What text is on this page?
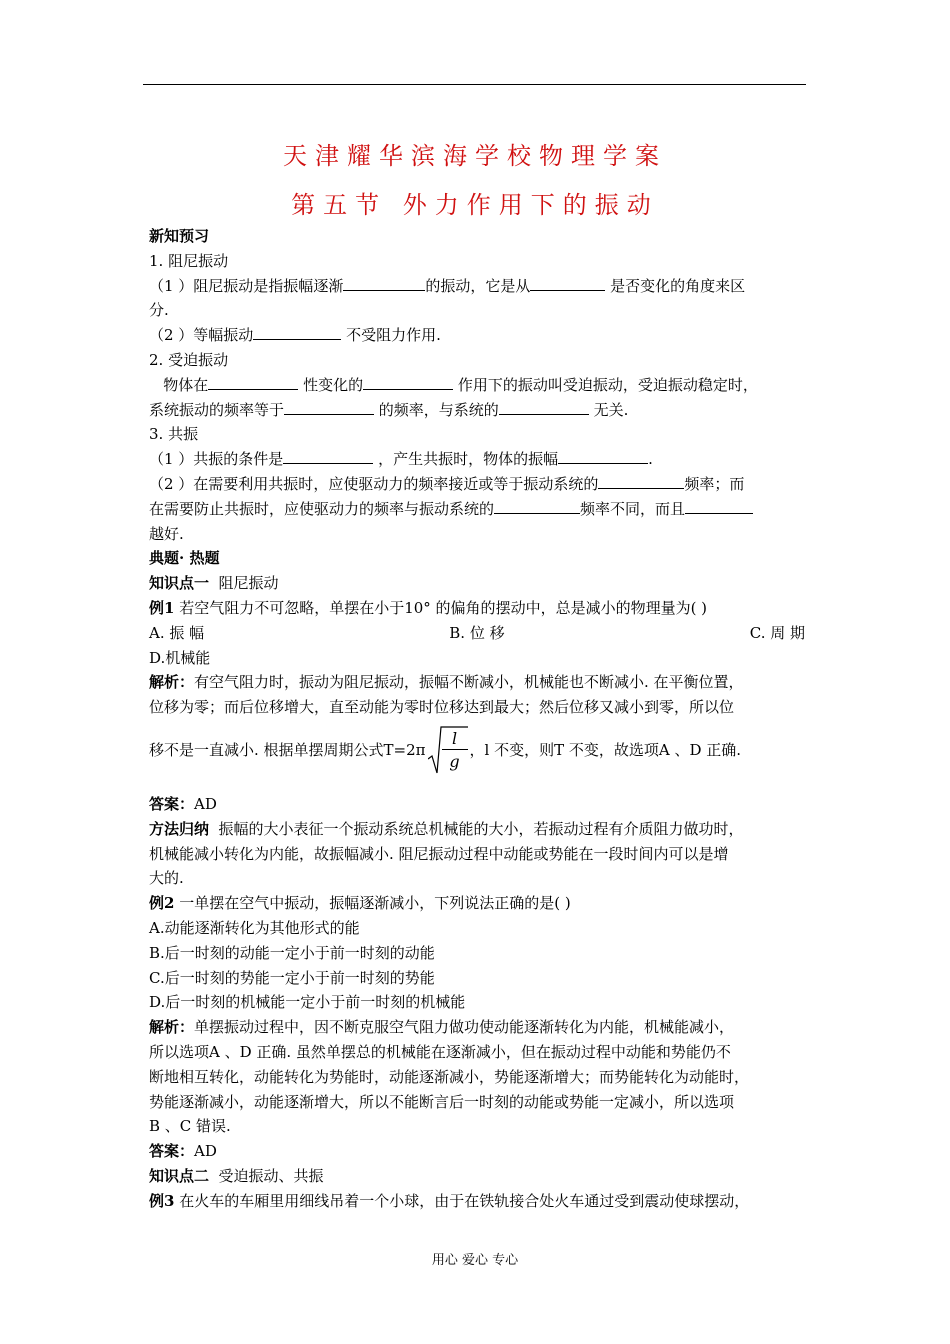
天津耀华滨海学校物理学案
第五节 外力作用下的振动

新知预习

1. 阻尼振动

（1 ）阻尼振动是指振幅逐渐	的振动，它是从	是否变化的角度来区

分.

（2 ）等幅振动	不受阻力作用.

2. 受迫振动

物体在	性变化的	作用下的振动叫受迫振动，受迫振动稳定时，

系统振动的频率等于	的频率，与系统的	无关.

3. 共振

（1 ）共振的条件是	，产生共振时，物体的振幅	.

（2 ）在需要利用共振时，应使驱动力的频率接近或等于振动系统的	频率；而

在需要防止共振时，应使驱动力的频率与振动系统的	频率不同，而且

越好.

典题· 热题

知识点一  阻尼振动

例1 若空气阻力不可忽略，单摆在小于10° 的偏角的摆动中，总是减小的物理量为( )

A. 振 幅	B. 位 移	C. 周 期

D.机械能

解析：有空气阻力时，振动为阻尼振动，振幅不断减小，机械能也不断减小. 在平衡位置，

位移为零；而后位移增大，直至动能为零时位移达到最大；然后位移又减小到零，所以位

移不是一直减小. 根据单摆周期公式$T=2\pi \frac{l}{g}$ ，l 不变，则T 不变，故选项A 、D 正确.

答案：AD

方法归纳  振幅的大小表征一个振动系统总机械能的大小，若振动过程有介质阻力做功时，

机械能减小转化为内能，故振幅减小. 阻尼振动过程中动能或势能在一段时间内可以是增

大的.

例2 一单摆在空气中振动，振幅逐渐减小，下列说法正确的是( )

A.动能逐渐转化为其他形式的能

B.后一时刻的动能一定小于前一时刻的动能

C.后一时刻的势能一定小于前一时刻的势能

D.后一时刻的机械能一定小于前一时刻的机械能

解析：单摆振动过程中，因不断克服空气阻力做功使动能逐渐转化为内能，机械能减小，

所以选项A 、D 正确. 虽然单摆总的机械能在逐渐减小，但在振动过程中动能和势能仍不

断地相互转化，动能转化为势能时，动能逐渐减小，势能逐渐增大；而势能转化为动能时，

势能逐渐减小，动能逐渐增大，所以不能断言后一时刻的动能或势能一定减小，所以选项

B 、C 错误.

答案：AD

知识点二  受迫振动、共振

例3 在火车的车厢里用细线吊着一个小球，由于在铁轨接合处火车通过受到震动使球摆动，

用心 爱心 专心
